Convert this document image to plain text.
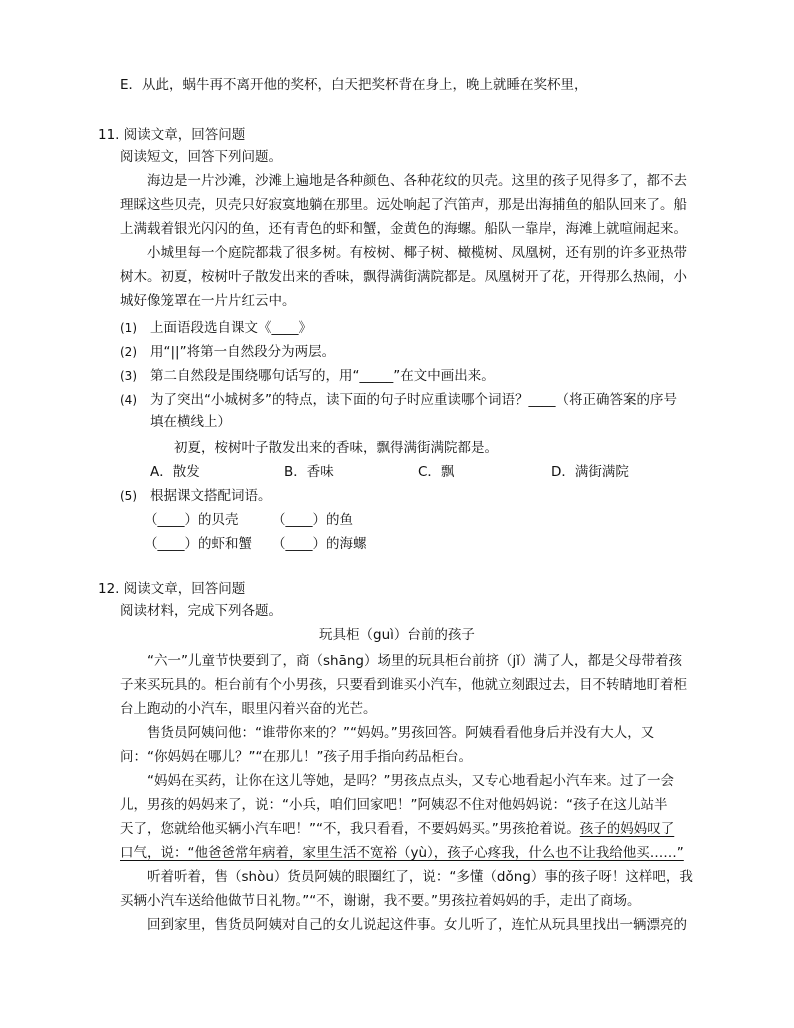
E．从此，蜗牛再不离开他的奖杯，白天把奖杯背在身上，晚上就睡在奖杯里，
11. 阅读文章，回答问题
阅读短文，回答下列问题。
海边是一片沙滩，沙滩上遍地是各种颜色、各种花纹的贝壳。这里的孩子见得多了，都不去
理睬这些贝壳，贝壳只好寂寞地躺在那里。远处响起了汽笛声，那是出海捕鱼的船队回来了。船
上满载着银光闪闪的鱼，还有青色的虾和蟹，金黄色的海螺。船队一靠岸，海滩上就喧闹起来。
小城里每一个庭院都栽了很多树。有桉树、椰子树、橄榄树、凤凰树，还有别的许多亚热带
树木。初夏，桉树叶子散发出来的香味，飘得满街满院都是。凤凰树开了花，开得那么热闹，小
城好像笼罩在一片片红云中。
(1) 上面语段选自课文《____》
(2) 用“||”将第一自然段分为两层。
(3) 第二自然段是围绕哪句话写的，用“_____”在文中画出来。
(4) 为了突出“小城树多”的特点，读下面的句子时应重读哪个词语？____（将正确答案的序号
填在横线上）
初夏，桉树叶子散发出来的香味，飘得满街满院都是。
A．散发	B．香味	C．飘	D．满街满院
(5) 根据课文搭配词语。
（____）的贝壳 （____）的鱼
（____）的虾和蟹 （____）的海螺
12. 阅读文章，回答问题
阅读材料，完成下列各题。
玩具柜（guì）台前的孩子
“六一”儿童节快要到了，商（shāng）场里的玩具柜台前挤（jǐ）满了人，都是父母带着孩
子来买玩具的。柜台前有个小男孩，只要看到谁买小汽车，他就立刻跟过去，目不转睛地盯着柜
台上跑动的小汽车，眼里闪着兴奋的光芒。
售货员阿姨问他：“谁带你来的？”“妈妈。”男孩回答。阿姨看看他身后并没有大人，又
问：“你妈妈在哪儿？”“在那儿！”孩子用手指向药品柜台。
“妈妈在买药，让你在这儿等她，是吗？”男孩点点头，又专心地看起小汽车来。过了一会
儿，男孩的妈妈来了，说：“小兵，咱们回家吧！”阿姨忍不住对他妈妈说：“孩子在这儿站半
天了，您就给他买辆小汽车吧！”“不，我只看看，不要妈妈买。”男孩抢着说。孩子的妈妈叹了
口气，说：“他爸爸常年病着，家里生活不宽裕（yù），孩子心疼我，什么也不让我给他买……”
听着听着，售（shòu）货员阿姨的眼圈红了，说：“多懂（dǒng）事的孩子呀！这样吧，我
买辆小汽车送给他做节日礼物。”“不，谢谢，我不要。”男孩拉着妈妈的手，走出了商场。
回到家里，售货员阿姨对自己的女儿说起这件事。女儿听了，连忙从玩具里找出一辆漂亮的
